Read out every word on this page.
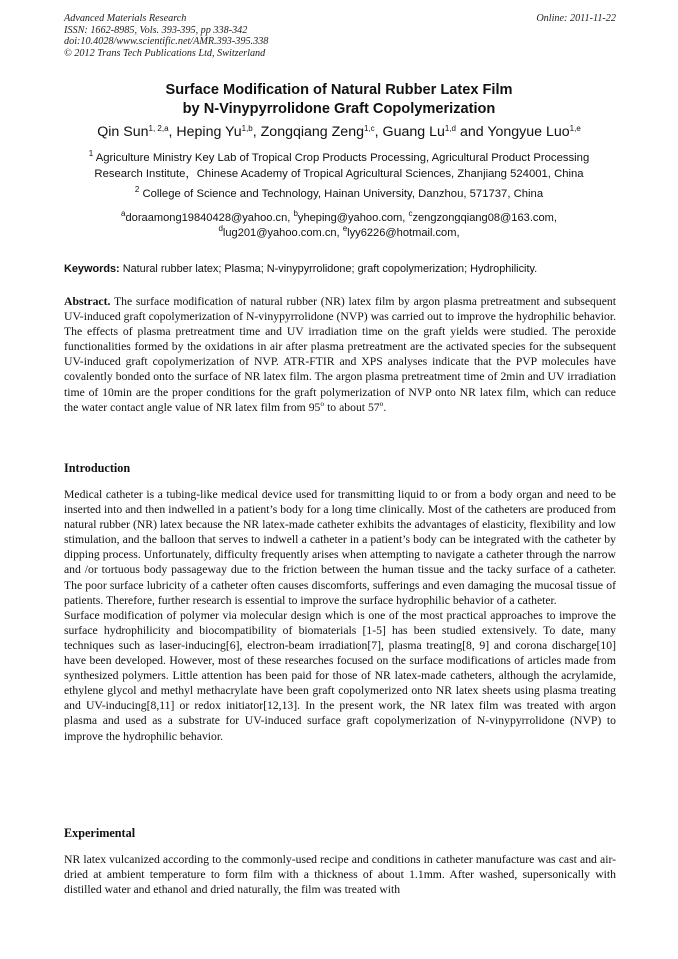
Advanced Materials Research
ISSN: 1662-8985, Vols. 393-395, pp 338-342
doi:10.4028/www.scientific.net/AMR.393-395.338
© 2012 Trans Tech Publications Ltd, Switzerland
Online: 2011-11-22
Surface Modification of Natural Rubber Latex Film
by N-Vinypyrrolidone Graft Copolymerization
Qin Sun$^{1, 2,a}$, Heping Yu$^{1,b}$, Zongqiang Zeng$^{1,c}$, Guang Lu$^{1,d}$ and Yongyue Luo$^{1,e}$
$^1$ Agriculture Ministry Key Lab of Tropical Crop Products Processing, Agricultural Product Processing
Research Institute，Chinese Academy of Tropical Agricultural Sciences, Zhanjiang 524001, China
$^2$ College of Science and Technology, Hainan University, Danzhou, 571737, China
$^a$doraamong19840428@yahoo.cn, $^b$yheping@yahoo.com, $^c$zengzongqiang08@163.com,
$^d$lug201@yahoo.com.cn, $^e$lyy6226@hotmail.com,
Keywords: Natural rubber latex; Plasma; N-vinypyrrolidone; graft copolymerization; Hydrophilicity.
Abstract. The surface modification of natural rubber (NR) latex film by argon plasma pretreatment and subsequent UV-induced graft copolymerization of N-vinypyrrolidone (NVP) was carried out to improve the hydrophilic behavior. The effects of plasma pretreatment time and UV irradiation time on the graft yields were studied. The peroxide functionalities formed by the oxidations in air after plasma pretreatment are the activated species for the subsequent UV-induced graft copolymerization of NVP. ATR-FTIR and XPS analyses indicate that the PVP molecules have covalently bonded onto the surface of NR latex film. The argon plasma pretreatment time of 2min and UV irradiation time of 10min are the proper conditions for the graft polymerization of NVP onto NR latex film, which can reduce the water contact angle value of NR latex film from 95$^o$ to about 57$^o$.
Introduction

Medical catheter is a tubing-like medical device used for transmitting liquid to or from a body organ and need to be inserted into and then indwelled in a patient’s body for a long time clinically. Most of the catheters are produced from natural rubber (NR) latex because the NR latex-made catheter exhibits the advantages of elasticity, flexibility and low stimulation, and the balloon that serves to indwell a catheter in a patient’s body can be integrated with the catheter by dipping process. Unfortunately, difficulty frequently arises when attempting to navigate a catheter through the narrow and /or tortuous body passageway due to the friction between the human tissue and the tacky surface of a catheter. The poor surface lubricity of a catheter often causes discomforts, sufferings and even damaging the mucosal tissue of patients. Therefore, further research is essential to improve the surface hydrophilic behavior of a catheter.

Surface modification of polymer via molecular design which is one of the most practical approaches to improve the surface hydrophilicity and biocompatibility of biomaterials [1-5] has been studied extensively. To date, many techniques such as laser-inducing[6], electron-beam irradiation[7], plasma treating[8, 9] and corona discharge[10] have been developed. However, most of these researches focused on the surface modifications of articles made from synthesized polymers. Little attention has been paid for those of NR latex-made catheters, although the acrylamide, ethylene glycol and methyl methacrylate have been graft copolymerized onto NR latex sheets using plasma treating and UV-inducing[8,11] or redox initiator[12,13]. In the present work, the NR latex film was treated with argon plasma and used as a substrate for UV-induced surface graft copolymerization of N-vinypyrrolidone (NVP) to improve the hydrophilic behavior.

Experimental

NR latex vulcanized according to the commonly-used recipe and conditions in catheter manufacture was cast and air-dried at ambient temperature to form film with a thickness of about 1.1mm. After washed, supersonically with distilled water and ethanol and dried naturally, the film was treated with
